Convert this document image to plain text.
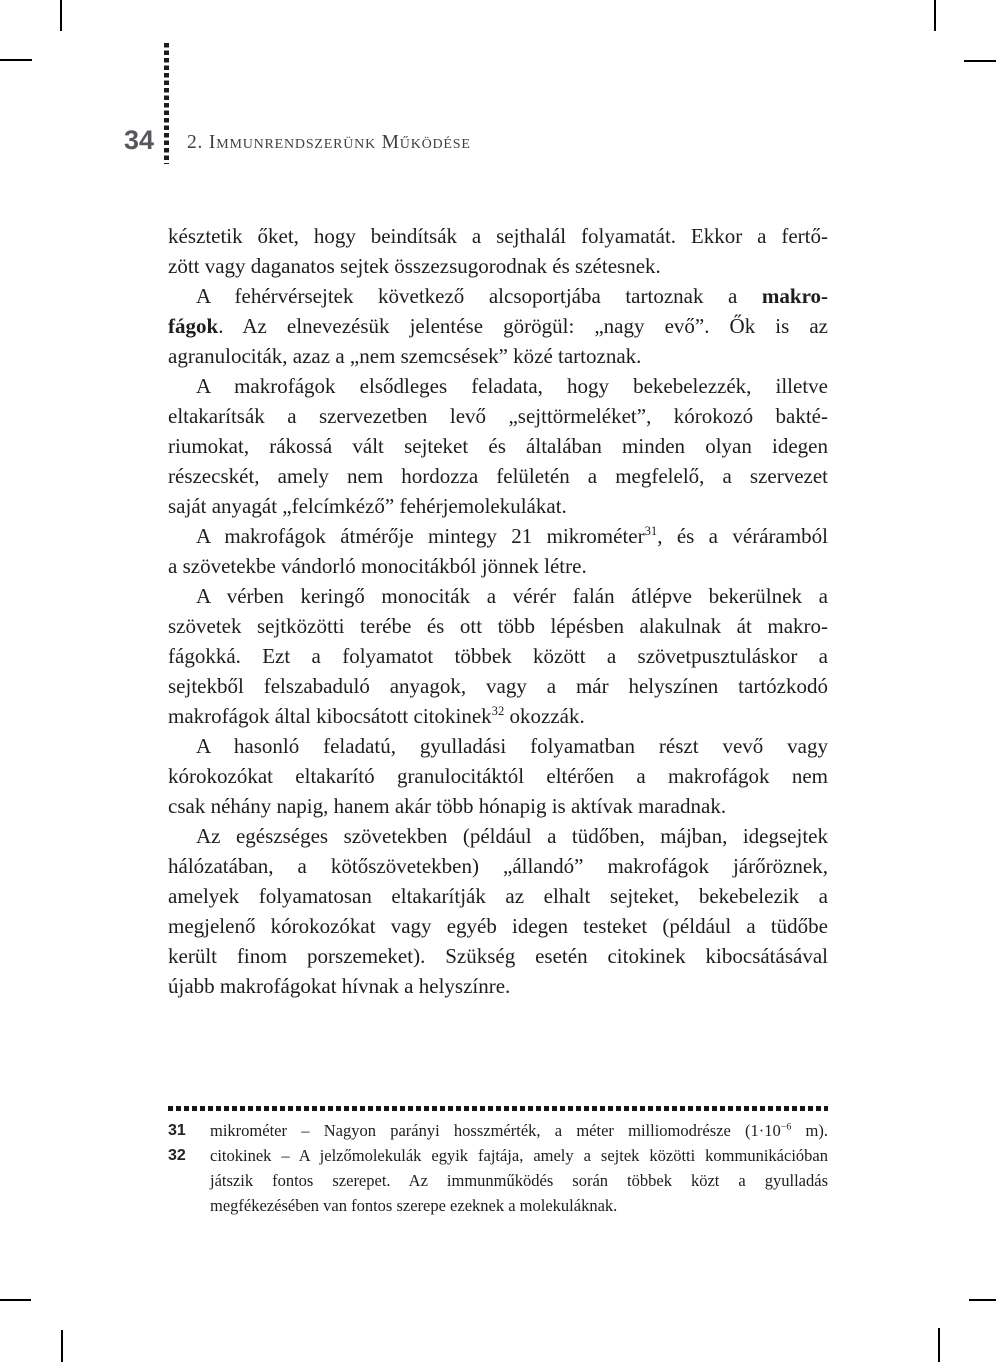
34 2. Immunrendszerünk Működése
késztetik őket, hogy beindítsák a sejthalál folyamatát. Ekkor a fertő-
zött vagy daganatos sejtek összezsugorodnak és szétesnek.
A fehérvérsejtek következő alcsoportjába tartoznak a makro-
fágok. Az elnevezésük jelentése görögül: „nagy evő”. Ők is az
agranulociták, azaz a „nem szemcsések” közé tartoznak.
A makrofágok elsődleges feladata, hogy bekebelezzék, illetve
eltakarítsák a szervezetben levő „sejttörmeléket”, kórokozó bakté-
riumokat, rákossá vált sejteket és általában minden olyan idegen
részecskét, amely nem hordozza felületén a megfelelő, a szervezet
saját anyagát „felcímkéző” fehérjemolekulákat.
A makrofágok átmérője mintegy 21 mikrométer$^{31}$, és a véráramból
a szövetekbe vándorló monocitákból jönnek létre.
A vérben keringő monociták a vérér falán átlépve bekerülnek a
szövetek sejtközötti terébe és ott több lépésben alakulnak át makro-
fágokká. Ezt a folyamatot többek között a szövetpusztuláskor a
sejtekből felszabaduló anyagok, vagy a már helyszínen tartózkodó
makrofágok által kibocsátott citokinek$^{32}$ okozzák.
A hasonló feladatú, gyulladási folyamatban részt vevő vagy
kórokozókat eltakarító granulocitáktól eltérően a makrofágok nem
csak néhány napig, hanem akár több hónapig is aktívak maradnak.
Az egészséges szövetekben (például a tüdőben, májban, idegsejtek
hálózatában, a kötőszövetekben) „állandó” makrofágok járőröznek,
amelyek folyamatosan eltakarítják az elhalt sejteket, bekebelezik a
megjelenő kórokozókat vagy egyéb idegen testeket (például a tüdőbe
került finom porszemeket). Szükség esetén citokinek kibocsátásával
újabb makrofágokat hívnak a helyszínre.
31	mikrométer – Nagyon parányi hosszmérték, a méter milliomodrésze ($1\cdot 10^{-6}$ m).
32	citokinek – A jelzőmolekulák egyik fajtája, amely a sejtek közötti kommunikációban
játszik fontos szerepet. Az immunműködés során többek közt a gyulladás
megfékezésében van fontos szerepe ezeknek a molekuláknak.
